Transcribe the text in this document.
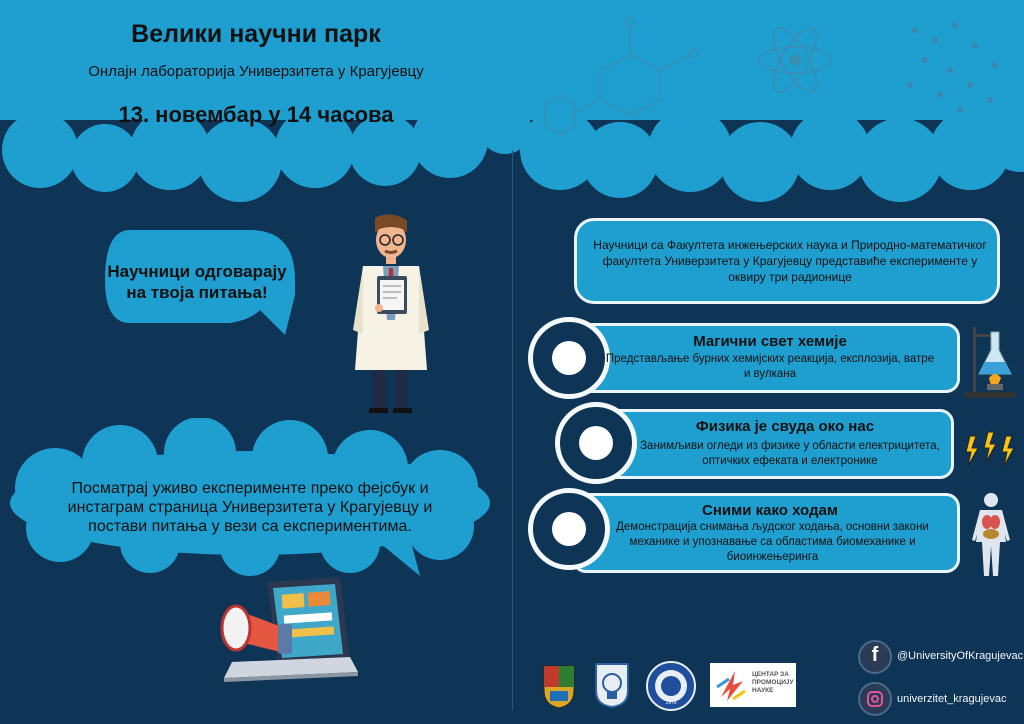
Велики научни парк
Онлајн лабораторија Универзитета у Крагујевцу
13. новембар у 14 часова
Научници одговарају на твоја питања!
Посматрај уживо експерименте преко фејсбук и инстаграм страница Универзитета у Крагујевцу и постави питања у вези са експериментима.
Научници са Факултета инжењерских наука и Природно-математичког факултета Универзитета у Крагујевцу представиће експерименте у оквиру три радионице
Магични свет хемије
Представљање бурних хемијских реакција, експлозија, ватре и вулкана
Физика је свуда око нас
Занимљиви огледи из физике у области електрицитета, оптичких ефеката и електронике
Сними како ходам
Демонстрација снимања људског ходања, основни закони механике и упознавање са областима биомеханике и биоинжењеринга
1976
ЦЕНТАР ЗА ПРОМОЦИЈУ НАУКЕ
f	@UniversityOfKragujevac
univerzitet_kragujevac
